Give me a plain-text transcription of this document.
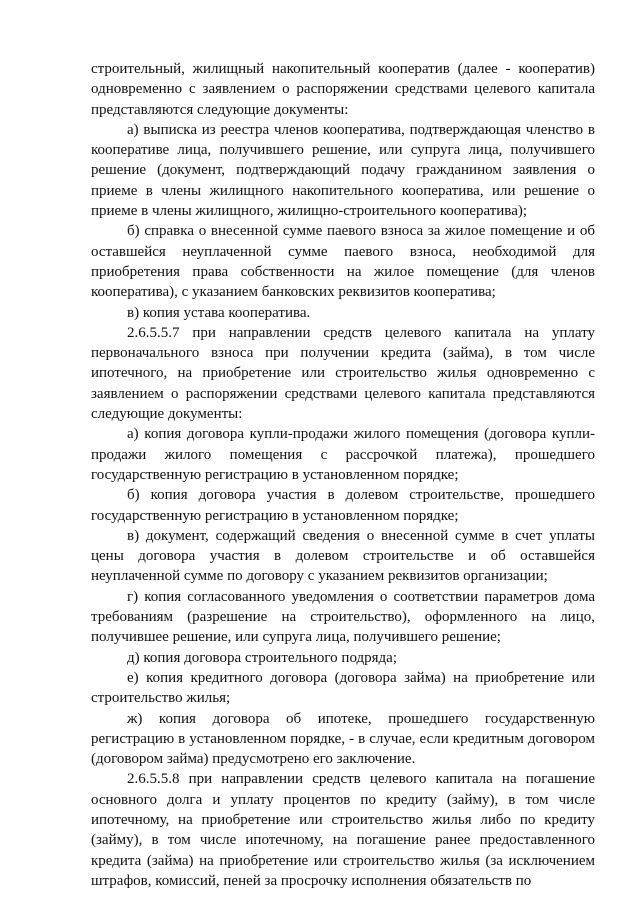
строительный, жилищный накопительный кооператив (далее - кооператив) одновременно с заявлением о распоряжении средствами целевого капитала представляются следующие документы:

а) выписка из реестра членов кооператива, подтверждающая членство в кооперативе лица, получившего решение, или супруга лица, получившего решение (документ, подтверждающий подачу гражданином заявления о приеме в члены жилищного накопительного кооператива, или решение о приеме в члены жилищного, жилищно-строительного кооператива);

б) справка о внесенной сумме паевого взноса за жилое помещение и об оставшейся неуплаченной сумме паевого взноса, необходимой для приобретения права собственности на жилое помещение (для членов кооператива), с указанием банковских реквизитов кооператива;

в) копия устава кооператива.

2.6.5.5.7 при направлении средств целевого капитала на уплату первоначального взноса при получении кредита (займа), в том числе ипотечного, на приобретение или строительство жилья одновременно с заявлением о распоряжении средствами целевого капитала представляются следующие документы:

а) копия договора купли-продажи жилого помещения (договора купли-продажи жилого помещения с рассрочкой платежа), прошедшего государственную регистрацию в установленном порядке;

б) копия договора участия в долевом строительстве, прошедшего государственную регистрацию в установленном порядке;

в) документ, содержащий сведения о внесенной сумме в счет уплаты цены договора участия в долевом строительстве и об оставшейся неуплаченной сумме по договору с указанием реквизитов организации;

г) копия согласованного уведомления о соответствии параметров дома требованиям (разрешение на строительство), оформленного на лицо, получившее решение, или супруга лица, получившего решение;

д) копия договора строительного подряда;

е) копия кредитного договора (договора займа) на приобретение или строительство жилья;

ж) копия договора об ипотеке, прошедшего государственную регистрацию в установленном порядке, - в случае, если кредитным договором (договором займа) предусмотрено его заключение.

2.6.5.5.8 при направлении средств целевого капитала на погашение основного долга и уплату процентов по кредиту (займу), в том числе ипотечному, на приобретение или строительство жилья либо по кредиту (займу), в том числе ипотечному, на погашение ранее предоставленного кредита (займа) на приобретение или строительство жилья (за исключением штрафов, комиссий, пеней за просрочку исполнения обязательств по
